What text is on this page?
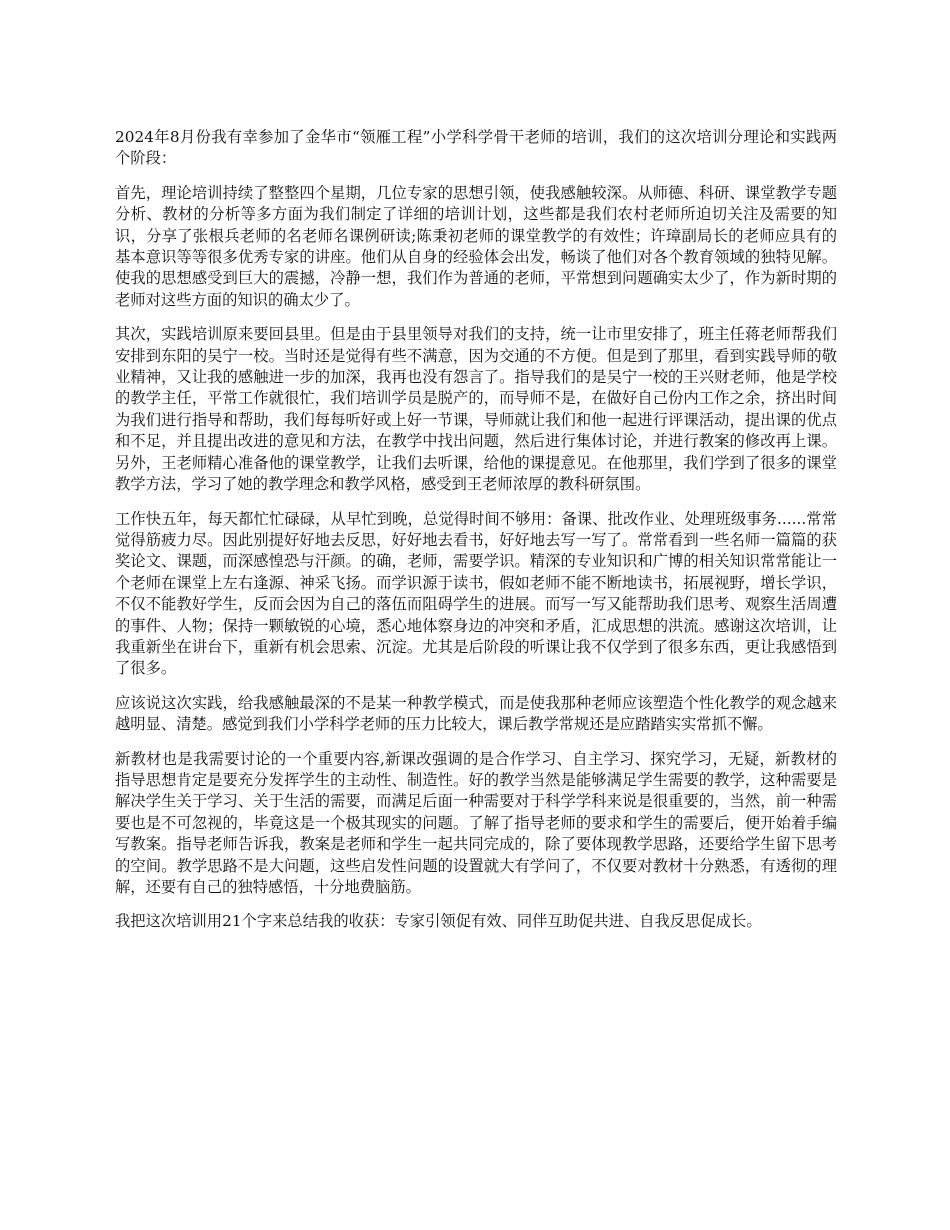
2024年8月份我有幸参加了金华市“领雁工程”小学科学骨干老师的培训，我们的这次培训分理论和实践两个阶段：

首先，理论培训持续了整整四个星期，几位专家的思想引领，使我感触较深。从师德、科研、课堂教学专题分析、教材的分析等多方面为我们制定了详细的培训计划，这些都是我们农村老师所迫切关注及需要的知识，分享了张根兵老师的名老师名课例研读;陈秉初老师的课堂教学的有效性；许璋副局长的老师应具有的基本意识等等很多优秀专家的讲座。他们从自身的经验体会出发，畅谈了他们对各个教育领域的独特见解。使我的思想感受到巨大的震撼，冷静一想，我们作为普通的老师，平常想到问题确实太少了，作为新时期的老师对这些方面的知识的确太少了。

其次，实践培训原来要回县里。但是由于县里领导对我们的支持，统一让市里安排了，班主任蒋老师帮我们安排到东阳的吴宁一校。当时还是觉得有些不满意，因为交通的不方便。但是到了那里，看到实践导师的敬业精神，又让我的感触进一步的加深，我再也没有怨言了。指导我们的是吴宁一校的王兴财老师，他是学校的教学主任，平常工作就很忙，我们培训学员是脱产的，而导师不是，在做好自己份内工作之余，挤出时间为我们进行指导和帮助，我们每每听好或上好一节课，导师就让我们和他一起进行评课活动，提出课的优点和不足，并且提出改进的意见和方法，在教学中找出问题，然后进行集体讨论，并进行教案的修改再上课。另外，王老师精心准备他的课堂教学，让我们去听课，给他的课提意见。在他那里，我们学到了很多的课堂教学方法，学习了她的教学理念和教学风格，感受到王老师浓厚的教科研氛围。

工作快五年，每天都忙忙碌碌，从早忙到晚，总觉得时间不够用：备课、批改作业、处理班级事务......常常觉得筋疲力尽。因此别提好好地去反思，好好地去看书，好好地去写一写了。常常看到一些名师一篇篇的获奖论文、课题，而深感惶恐与汗颜。的确，老师，需要学识。精深的专业知识和广博的相关知识常常能让一个老师在课堂上左右逢源、神采飞扬。而学识源于读书，假如老师不能不断地读书，拓展视野，增长学识，不仅不能教好学生，反而会因为自己的落伍而阻碍学生的进展。而写一写又能帮助我们思考、观察生活周遭的事件、人物；保持一颗敏锐的心境，悉心地体察身边的冲突和矛盾，汇成思想的洪流。感谢这次培训，让我重新坐在讲台下，重新有机会思索、沉淀。尤其是后阶段的听课让我不仅学到了很多东西，更让我感悟到了很多。

应该说这次实践，给我感触最深的不是某一种教学模式，而是使我那种老师应该塑造个性化教学的观念越来越明显、清楚。感觉到我们小学科学老师的压力比较大，课后教学常规还是应踏踏实实常抓不懈。

新教材也是我需要讨论的一个重要内容,新课改强调的是合作学习、自主学习、探究学习，无疑，新教材的指导思想肯定是要充分发挥学生的主动性、制造性。好的教学当然是能够满足学生需要的教学，这种需要是解决学生关于学习、关于生活的需要，而满足后面一种需要对于科学学科来说是很重要的，当然，前一种需要也是不可忽视的，毕竟这是一个极其现实的问题。了解了指导老师的要求和学生的需要后，便开始着手编写教案。指导老师告诉我，教案是老师和学生一起共同完成的，除了要体现教学思路，还要给学生留下思考的空间。教学思路不是大问题，这些启发性问题的设置就大有学问了，不仅要对教材十分熟悉，有透彻的理解，还要有自己的独特感悟，十分地费脑筋。

我把这次培训用21个字来总结我的收获：专家引领促有效、同伴互助促共进、自我反思促成长。
